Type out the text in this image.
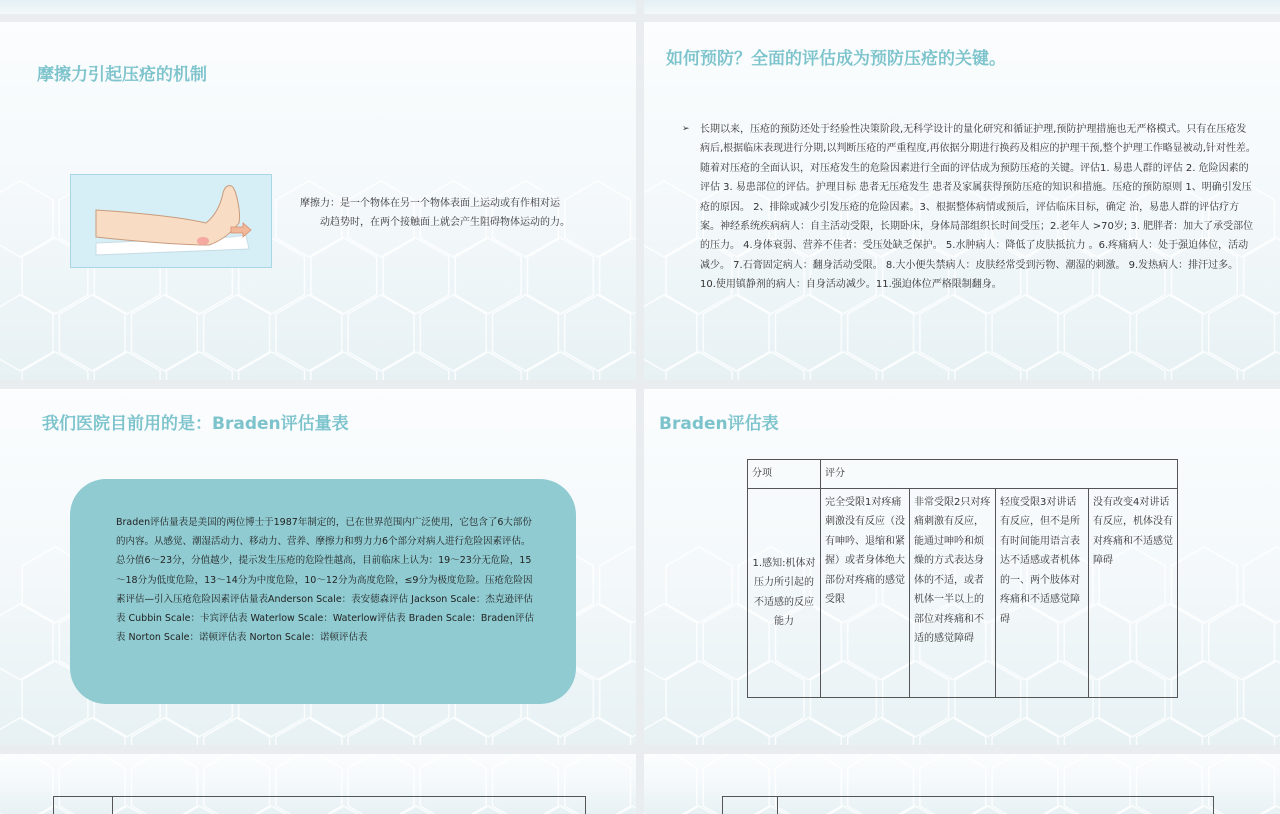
摩擦力引起压疮的机制
摩擦力：是一个物体在另一个物体表面上运动或有作相对运
动趋势时，在两个接触面上就会产生阻碍物体运动的力。
如何预防？全面的评估成为预防压疮的关键。
➢ 长期以来，压疮的预防还处于经验性决策阶段,无科学设计的量化研究和循证护理,预防护理措施也无严格模式。只有在压疮发病后,根据临床表现进行分期,以判断压疮的严重程度,再依据分期进行换药及相应的护理干预,整个护理工作略显被动,针对性差。 随着对压疮的全面认识，对压疮发生的危险因素进行全面的评估成为预防压疮的关键。评估1. 易患人群的评估 2. 危险因素的评估 3. 易患部位的评估。护理目标 患者无压疮发生 患者及家属获得预防压疮的知识和措施。压疮的预防原则 1、明确引发压疮的原因。 2、排除或减少引发压疮的危险因素。3、根据整体病情或预后，评估临床目标，确定 治，易患人群的评估疗方案。神经系统疾病病人：自主活动受限，长期卧床，身体局部组织长时间受压；2.老年人 >70岁; 3. 肥胖者：加大了承受部位的压力。 4.身体衰弱、营养不佳者：受压处缺乏保护。 5.水肿病人：降低了皮肤抵抗力 。6.疼痛病人：处于强迫体位，活动减少。 7.石膏固定病人：翻身活动受限。 8.大小便失禁病人：皮肤经常受到污物、潮湿的刺激。 9.发热病人：排汗过多。 10.使用镇静剂的病人：自身活动减少。11.强迫体位严格限制翻身。
我们医院目前用的是：Braden评估量表
Braden评估量表是美国的两位博士于1987年制定的，已在世界范围内广泛使用，它包含了6大部份的内容。从感觉、潮湿活动力、移动力、营养、摩擦力和剪力力6个部分对病人进行危险因素评估。总分值6～23分，分值越少，提示发生压疮的危险性越高，目前临床上认为：19～23分无危险，15～18分为低度危险，13～14分为中度危险，10～12分为高度危险，≤9分为极度危险。压疮危险因素评估—引入压疮危险因素评估量表Anderson Scale：表安德森评估 Jackson Scale：杰克逊评估表 Cubbin Scale：卡宾评估表 Waterlow Scale：Waterlow评估表 Braden Scale：Braden评估表 Norton Scale：诺顿评估表 Norton Scale：诺顿评估表
Braden评估表
分项	评分			
1.感知:机体对压力所引起的不适感的反应能力	完全受限1对疼痛刺激没有反应（没有呻吟、退缩和紧握）或者身体绝大部份对疼痛的感觉受限	非常受限2只对疼痛刺激有反应，能通过呻吟和烦燥的方式表达身体的不适，或者机体一半以上的部位对疼痛和不适的感觉障碍	轻度受限3对讲话有反应，但不是所有时间能用语言表达不适感或者机体的一、两个肢体对疼痛和不适感觉障碍	没有改变4对讲话有反应，机体没有对疼痛和不适感觉障碍
